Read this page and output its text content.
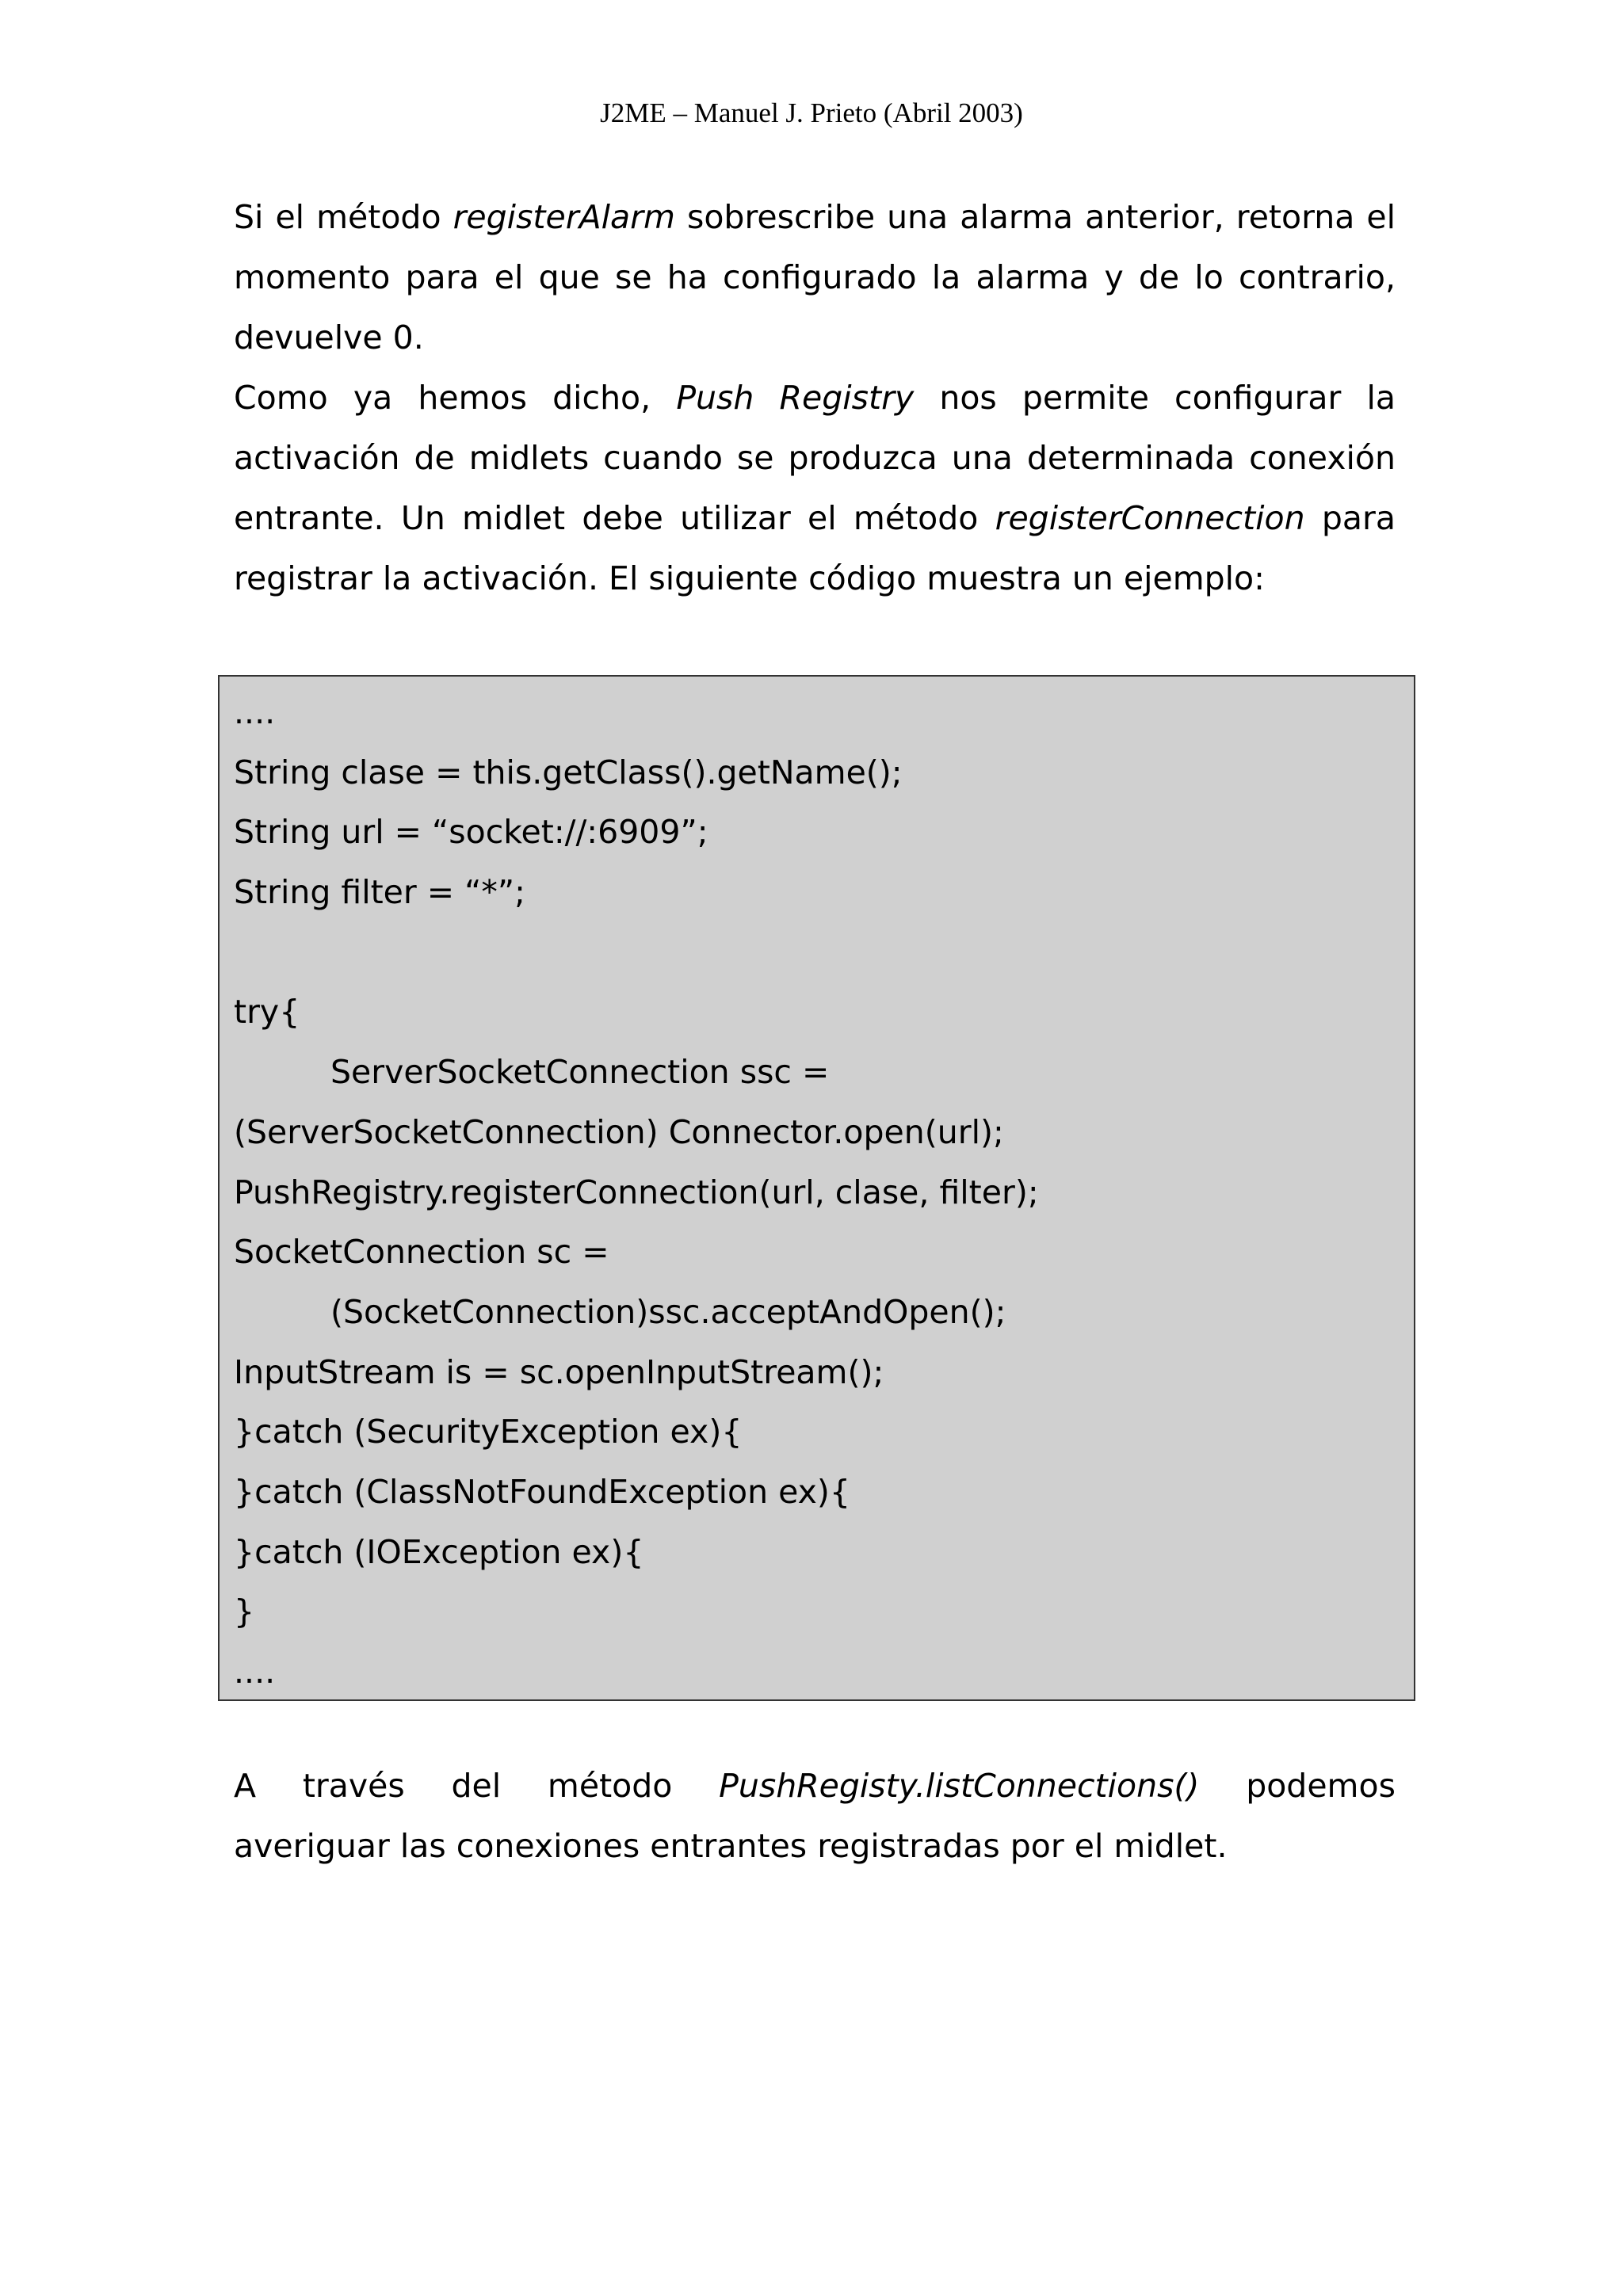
J2ME – Manuel J. Prieto (Abril 2003)

Si el método registerAlarm sobrescribe una alarma anterior, retorna el momento para el que se ha configurado la alarma y de lo contrario, devuelve 0.

Como ya hemos dicho, Push Registry nos permite configurar la activación de midlets cuando se produzca una determinada conexión entrante. Un midlet debe utilizar el método registerConnection para registrar la activación. El siguiente código muestra un ejemplo:

....
String clase = this.getClass().getName();
String url = “socket://:6909”;
String filter = “*”;
try{
ServerSocketConnection ssc =
(ServerSocketConnection) Connector.open(url);
PushRegistry.registerConnection(url, clase, filter);
SocketConnection sc =
(SocketConnection)ssc.acceptAndOpen();
InputStream is = sc.openInputStream();
}catch (SecurityException ex){
}catch (ClassNotFoundException ex){
}catch (IOException ex){
}
....
A través del método PushRegisty.listConnections() podemos
averiguar las conexiones entrantes registradas por el midlet.
